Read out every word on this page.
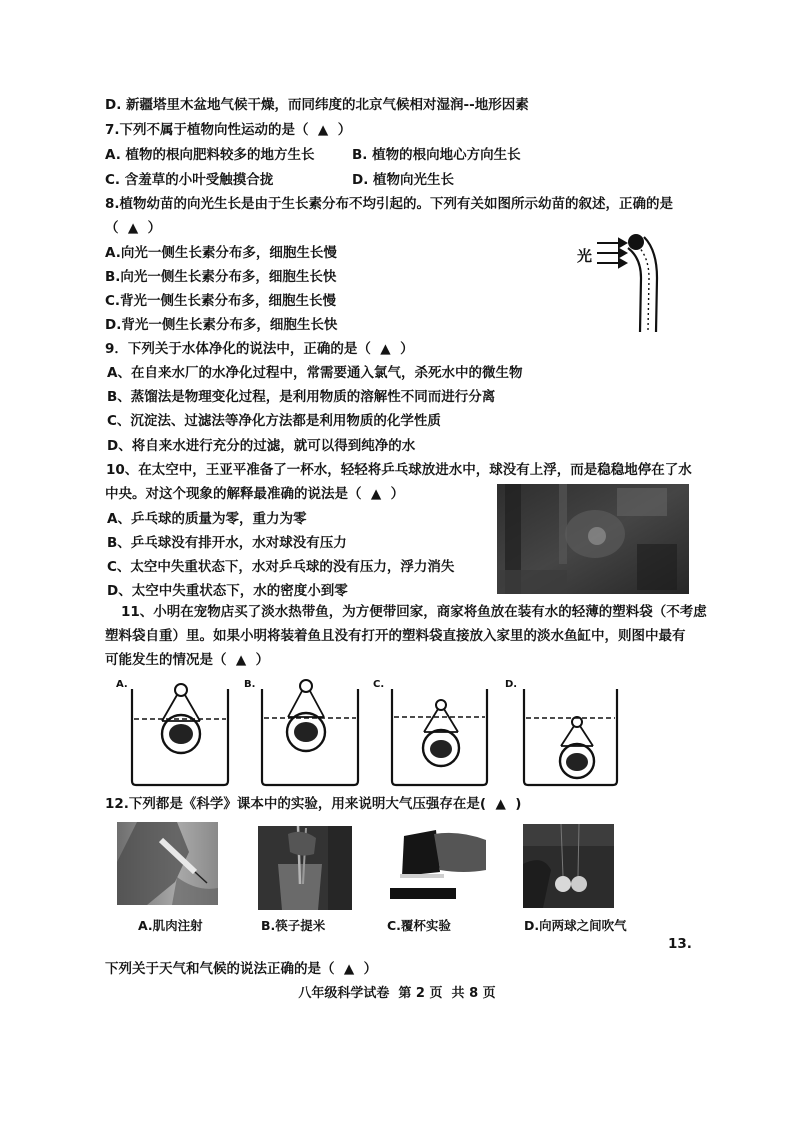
D. 新疆塔里木盆地气候干燥，而同纬度的北京气候相对湿润--地形因素
7.下列不属于植物向性运动的是（  ▲  ）
A. 植物的根向肥料较多的地方生长	B. 植物的根向地心方向生长
C. 含羞草的小叶受触摸合拢	D. 植物向光生长
8.植物幼苗的向光生长是由于生长素分布不均引起的。下列有关如图所示幼苗的叙述，正确的是
（  ▲  ）
A.向光一侧生长素分布多，细胞生长慢
B.向光一侧生长素分布多，细胞生长快
C.背光一侧生长素分布多，细胞生长慢
D.背光一侧生长素分布多，细胞生长快
光
9．下列关于水体净化的说法中，正确的是（  ▲  ）
A、在自来水厂的水净化过程中，常需要通入氯气，杀死水中的微生物
B、蒸馏法是物理变化过程，是利用物质的溶解性不同而进行分离
C、沉淀法、过滤法等净化方法都是利用物质的化学性质
D、将自来水进行充分的过滤，就可以得到纯净的水
10、在太空中，王亚平准备了一杯水，轻轻将乒乓球放进水中，球没有上浮，而是稳稳地停在了水
中央。对这个现象的解释最准确的说法是（  ▲  ）
A、乒乓球的质量为零，重力为零
B、乒乓球没有排开水，水对球没有压力
C、太空中失重状态下，水对乒乓球的没有压力，浮力消失
D、太空中失重状态下，水的密度小到零
11、小明在宠物店买了淡水热带鱼，为方便带回家，商家将鱼放在装有水的轻薄的塑料袋（不考虑
塑料袋自重）里。如果小明将装着鱼且没有打开的塑料袋直接放入家里的淡水鱼缸中，则图中最有
可能发生的情况是（  ▲  ）
A.	B.	C.	D.
12.下列都是《科学》课本中的实验，用来说明大气压强存在是(  ▲  )
A.肌肉注射	B.筷子提米	C.覆杯实验	D.向两球之间吹气
13.
下列关于天气和气候的说法正确的是（  ▲  ）
八年级科学试卷  第 2 页  共 8 页
